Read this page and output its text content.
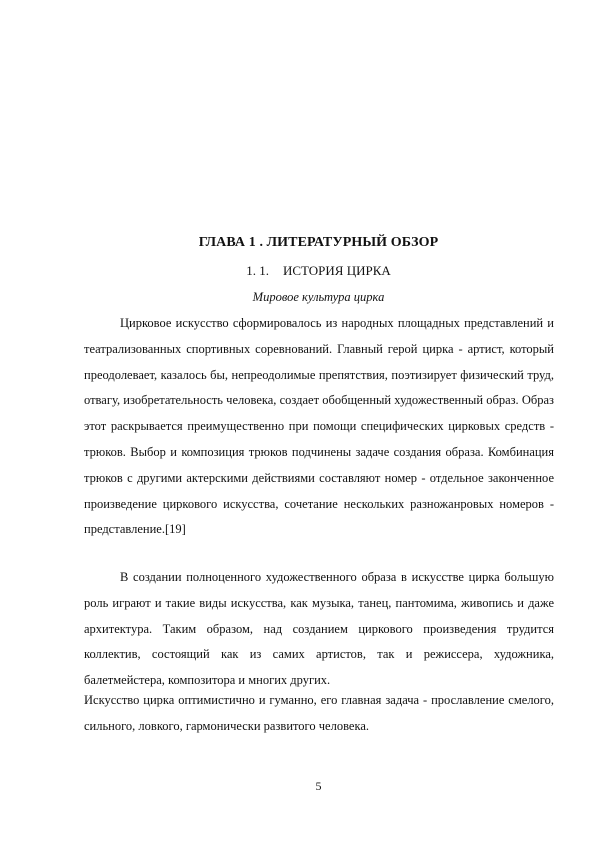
ГЛАВА 1 . ЛИТЕРАТУРНЫЙ ОБЗОР
1. 1. ИСТОРИЯ ЦИРКА
Мировое культура цирка

Цирковое искусство сформировалось из народных площадных представлений и театрализованных спортивных соревнований. Главный герой цирка - артист, который преодолевает, казалось бы, непреодолимые препятствия, поэтизирует физический труд, отвагу, изобретательность человека, создает обобщенный художественный образ. Образ этот раскрывается преимущественно при помощи специфических цирковых средств - трюков. Выбор и композиция трюков подчинены задаче создания образа. Комбинация трюков с другими актерскими действиями составляют номер - отдельное законченное произведение циркового искусства, сочетание нескольких разножанровых номеров - представление.[19]

В создании полноценного художественного образа в искусстве цирка большую роль играют и такие виды искусства, как музыка, танец, пантомима, живопись и даже архитектура. Таким образом, над созданием циркового произведения трудится коллектив, состоящий как из самих артистов, так и режиссера, художника, балетмейстера, композитора и многих других.

Искусство цирка оптимистично и гуманно, его главная задача - прославление смелого, сильного, ловкого, гармонически развитого человека.

5
